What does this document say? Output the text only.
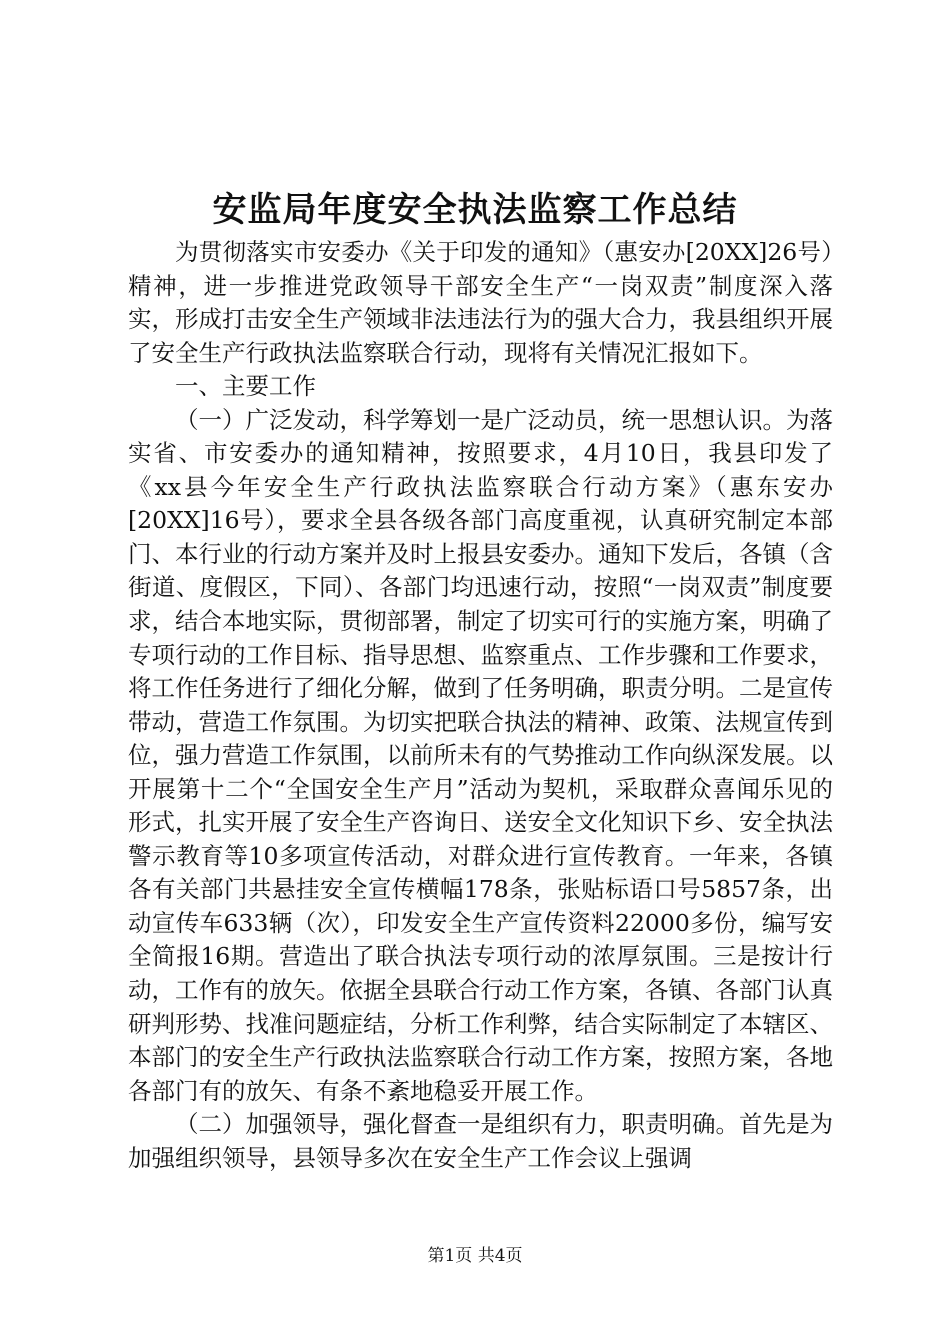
安监局年度安全执法监察工作总结

为贯彻落实市安委办《关于印发的通知》（惠安办[20XX]26号）精神，进一步推进党政领导干部安全生产“一岗双责”制度深入落实，形成打击安全生产领域非法违法行为的强大合力，我县组织开展了安全生产行政执法监察联合行动，现将有关情况汇报如下。

一、主要工作

（一）广泛发动，科学筹划一是广泛动员，统一思想认识。为落实省、市安委办的通知精神，按照要求，4月10日，我县印发了《xx县今年安全生产行政执法监察联合行动方案》（惠东安办[20XX]16号），要求全县各级各部门高度重视，认真研究制定本部门、本行业的行动方案并及时上报县安委办。通知下发后，各镇（含街道、度假区，下同）、各部门均迅速行动，按照“一岗双责”制度要求，结合本地实际，贯彻部署，制定了切实可行的实施方案，明确了专项行动的工作目标、指导思想、监察重点、工作步骤和工作要求，将工作任务进行了细化分解，做到了任务明确，职责分明。二是宣传带动，营造工作氛围。为切实把联合执法的精神、政策、法规宣传到位，强力营造工作氛围，以前所未有的气势推动工作向纵深发展。以开展第十二个“全国安全生产月”活动为契机，采取群众喜闻乐见的形式，扎实开展了安全生产咨询日、送安全文化知识下乡、安全执法警示教育等10多项宣传活动，对群众进行宣传教育。一年来，各镇各有关部门共悬挂安全宣传横幅178条，张贴标语口号5857条，出动宣传车633辆（次），印发安全生产宣传资料22000多份，编写安全简报16期。营造出了联合执法专项行动的浓厚氛围。三是按计行动，工作有的放矢。依据全县联合行动工作方案，各镇、各部门认真研判形势、找准问题症结，分析工作利弊，结合实际制定了本辖区、本部门的安全生产行政执法监察联合行动工作方案，按照方案，各地各部门有的放矢、有条不紊地稳妥开展工作。

（二）加强领导，强化督查一是组织有力，职责明确。首先是为加强组织领导，县领导多次在安全生产工作会议上强调

第1页 共4页
